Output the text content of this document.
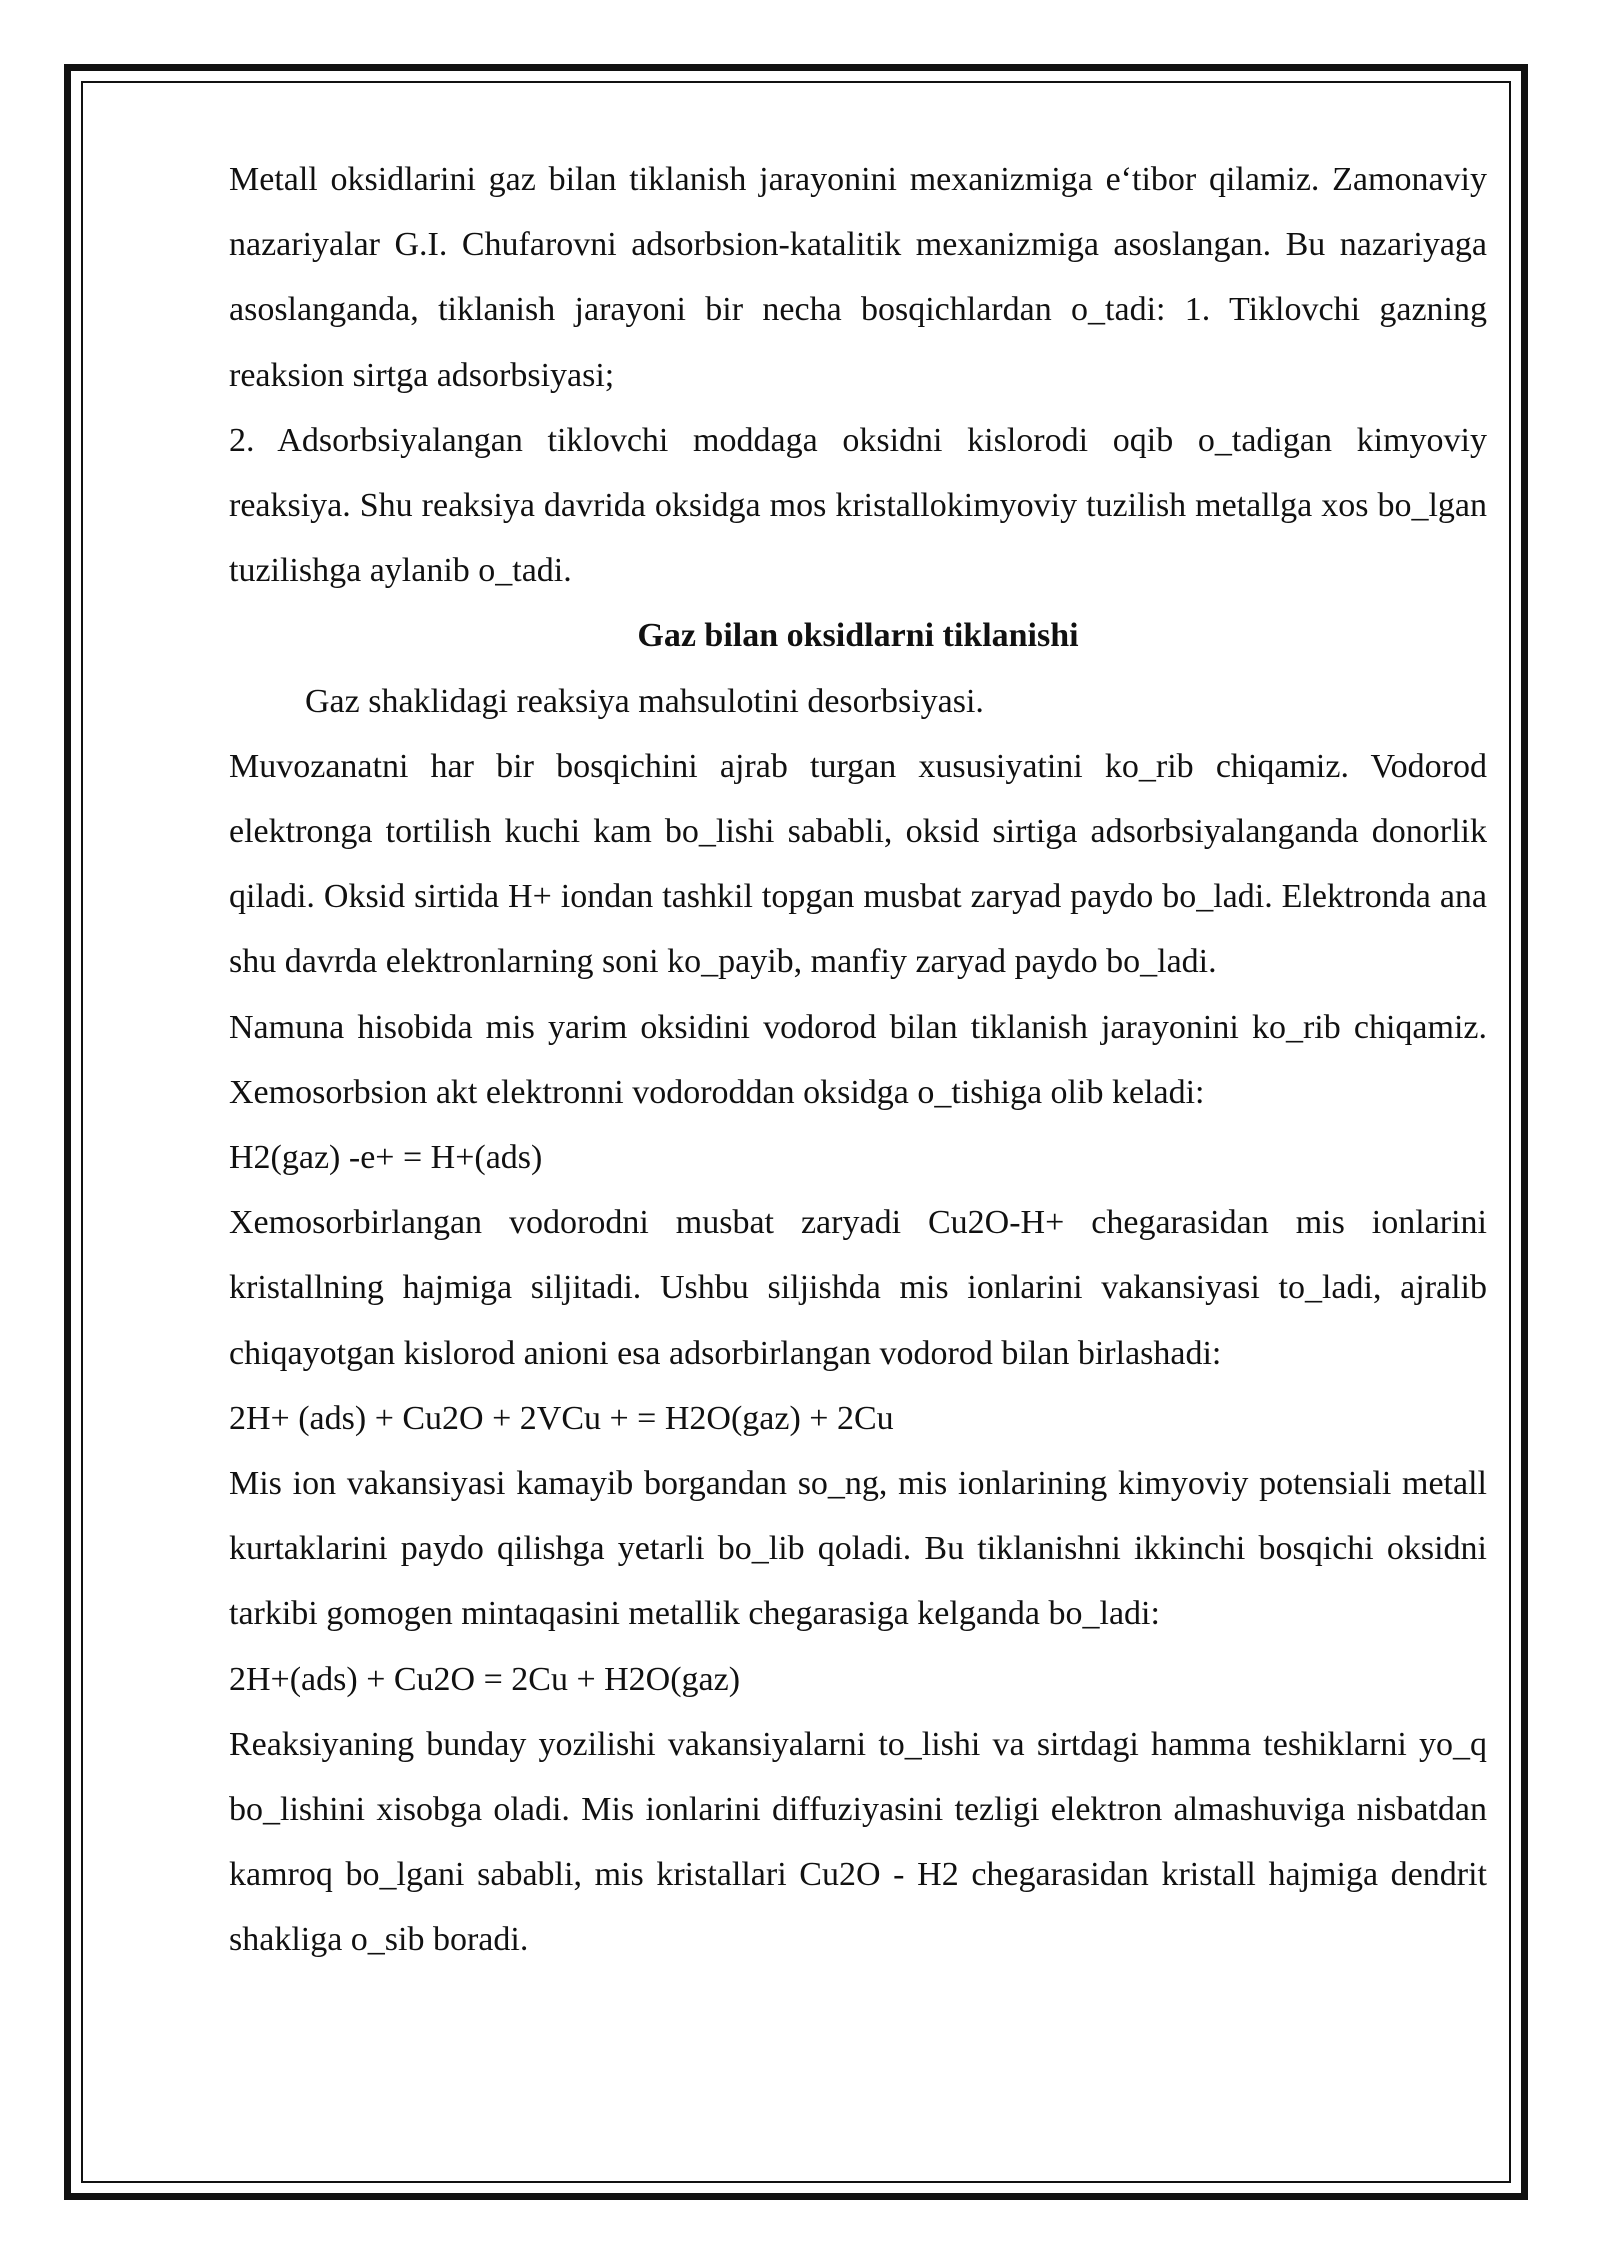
Metall oksidlarini gaz bilan tiklanish jarayonini mexanizmiga e‘tibor qilamiz. Zamonaviy nazariyalar G.I. Chufarovni adsorbsion-katalitik mexanizmiga asoslangan. Bu nazariyaga asoslanganda, tiklanish jarayoni bir necha bosqichlardan o_tadi: 1. Tiklovchi gazning reaksion sirtga adsorbsiyasi;

2. Adsorbsiyalangan tiklovchi moddaga oksidni kislorodi oqib o_tadigan kimyoviy reaksiya. Shu reaksiya davrida oksidga mos kristallokimyoviy tuzilish metallga xos bo_lgan tuzilishga aylanib o_tadi.

Gaz bilan oksidlarni tiklanishi

Gaz shaklidagi reaksiya mahsulotini desorbsiyasi.

Muvozanatni har bir bosqichini ajrab turgan xususiyatini ko_rib chiqamiz. Vodorod elektronga tortilish kuchi kam bo_lishi sababli, oksid sirtiga adsorbsiyalanganda donorlik qiladi. Oksid sirtida H+ iondan tashkil topgan musbat zaryad paydo bo_ladi. Elektronda ana shu davrda elektronlarning soni ko_payib, manfiy zaryad paydo bo_ladi.

Namuna hisobida mis yarim oksidini vodorod bilan tiklanish jarayonini ko_rib chiqamiz. Xemosorbsion akt elektronni vodoroddan oksidga o_tishiga olib keladi:

H2(gaz) -e+ = H+(ads)

Xemosorbirlangan vodorodni musbat zaryadi Cu2O-H+ chegarasidan mis ionlarini kristallning hajmiga siljitadi. Ushbu siljishda mis ionlarini vakansiyasi to_ladi, ajralib chiqayotgan kislorod anioni esa adsorbirlangan vodorod bilan birlashadi:

2H+ (ads) + Cu2O + 2VCu + = H2O(gaz) + 2Cu

Mis ion vakansiyasi kamayib borgandan so_ng, mis ionlarining kimyoviy potensiali metall kurtaklarini paydo qilishga yetarli bo_lib qoladi. Bu tiklanishni ikkinchi bosqichi oksidni tarkibi gomogen mintaqasini metallik chegarasiga kelganda bo_ladi:

2H+(ads) + Cu2O = 2Cu + H2O(gaz)

Reaksiyaning bunday yozilishi vakansiyalarni to_lishi va sirtdagi hamma teshiklarni yo_q bo_lishini xisobga oladi. Mis ionlarini diffuziyasini tezligi elektron almashuviga nisbatdan kamroq bo_lgani sababli, mis kristallari Cu2O - H2 chegarasidan kristall hajmiga dendrit shakliga o_sib boradi.
